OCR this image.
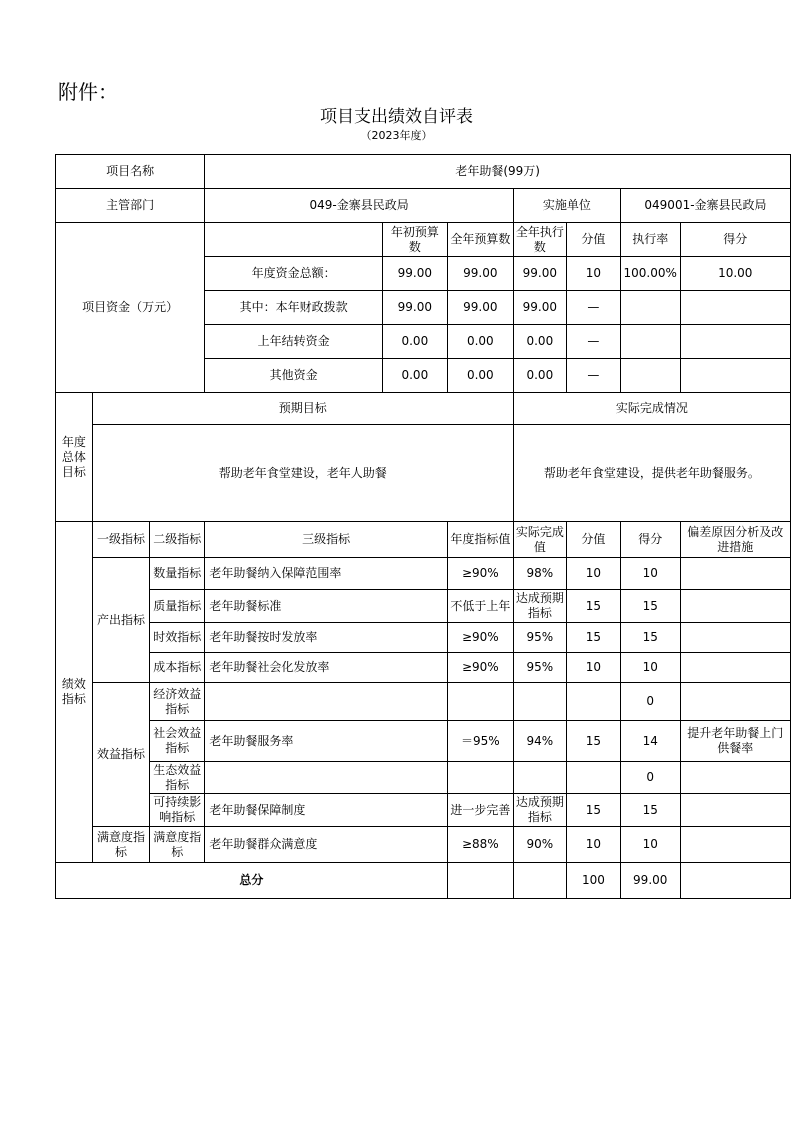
附件：
项目支出绩效自评表
（2023年度）
项目名称			老年助餐(99万)						
主管部门			049-金寨县民政局			实施单位		049001-金寨县民政局	
项目资金（万元）				年初预算数	全年预算数	全年执行数	分值	执行率	得分
			年度资金总额：	99.00	99.00	99.00	10	100.00%	10.00
			其中：本年财政拨款	99.00	99.00	99.00	—		
			上年结转资金	0.00	0.00	0.00	—		
			其他资金	0.00	0.00	0.00	—		
年度总体目标	预期目标					实际完成情况			
	帮助老年食堂建设，老年人助餐					帮助老年食堂建设，提供老年助餐服务。			
绩效指标	一级指标	二级指标	三级指标		年度指标值	实际完成值	分值	得分	偏差原因分析及改进措施
	产出指标	数量指标	老年助餐纳入保障范围率		≥90%	98%	10	10	
		质量指标	老年助餐标准		不低于上年	达成预期指标	15	15	
		时效指标	老年助餐按时发放率		≥90%	95%	15	15	
		成本指标	老年助餐社会化发放率		≥90%	95%	10	10	
	效益指标	经济效益指标						0	
		社会效益指标	老年助餐服务率		＝95%	94%	15	14	提升老年助餐上门供餐率
		生态效益指标						0	
		可持续影响指标	老年助餐保障制度		进一步完善	达成预期指标	15	15	
	满意度指标	满意度指标	老年助餐群众满意度		≥88%	90%	10	10	
总分							100	99.00	
